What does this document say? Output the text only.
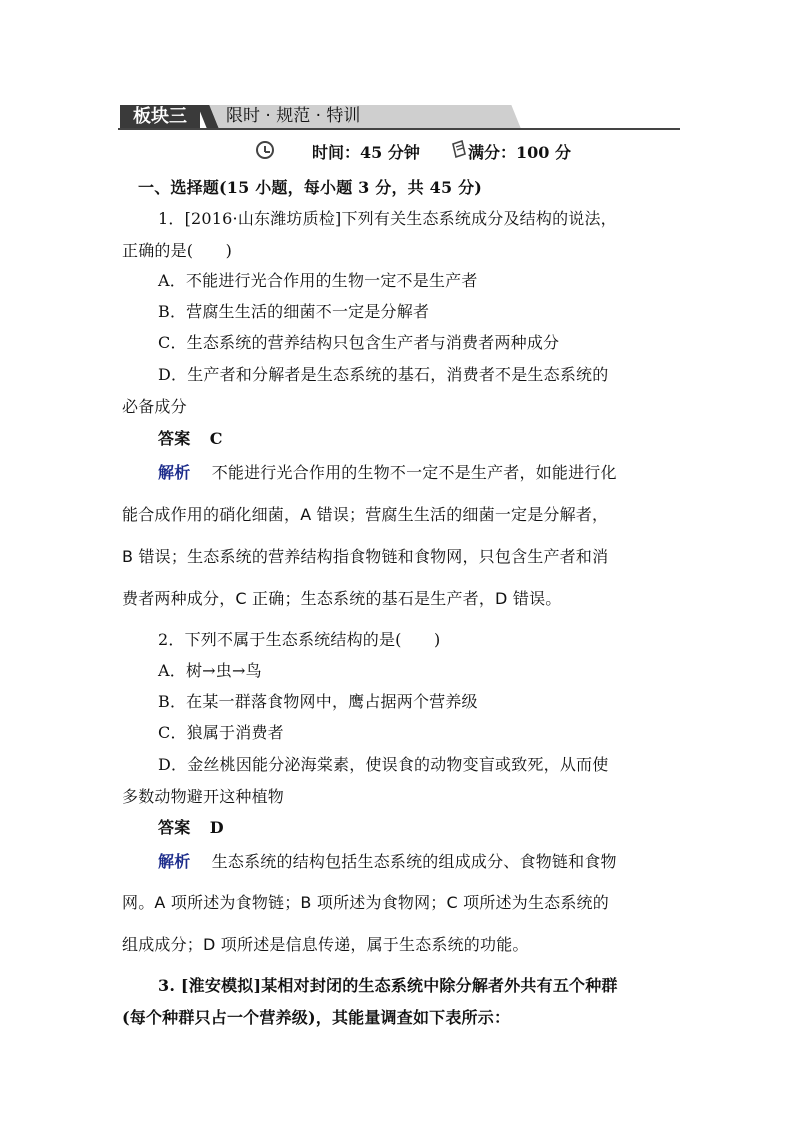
板块三	限时 · 规范 · 特训
时间：45 分钟	满分：100 分
一、选择题(15 小题，每小题 3 分，共 45 分)
1．[2016·山东潍坊质检]下列有关生态系统成分及结构的说法，
正确的是(　　)
A．不能进行光合作用的生物一定不是生产者
B．营腐生生活的细菌不一定是分解者
C．生态系统的营养结构只包含生产者与消费者两种成分
D．生产者和分解者是生态系统的基石，消费者不是生态系统的
必备成分
答案 C
解析 不能进行光合作用的生物不一定不是生产者，如能进行化
能合成作用的硝化细菌，A 错误；营腐生生活的细菌一定是分解者，
B 错误；生态系统的营养结构指食物链和食物网，只包含生产者和消
费者两种成分，C 正确；生态系统的基石是生产者，D 错误。
2．下列不属于生态系统结构的是(　　)
A．树→虫→鸟
B．在某一群落食物网中，鹰占据两个营养级
C．狼属于消费者
D．金丝桃因能分泌海棠素，使误食的动物变盲或致死，从而使
多数动物避开这种植物
答案 D
解析 生态系统的结构包括生态系统的组成成分、食物链和食物
网。A 项所述为食物链；B 项所述为食物网；C 项所述为生态系统的
组成成分；D 项所述是信息传递，属于生态系统的功能。
3. [淮安模拟]某相对封闭的生态系统中除分解者外共有五个种群
(每个种群只占一个营养级)，其能量调查如下表所示：
